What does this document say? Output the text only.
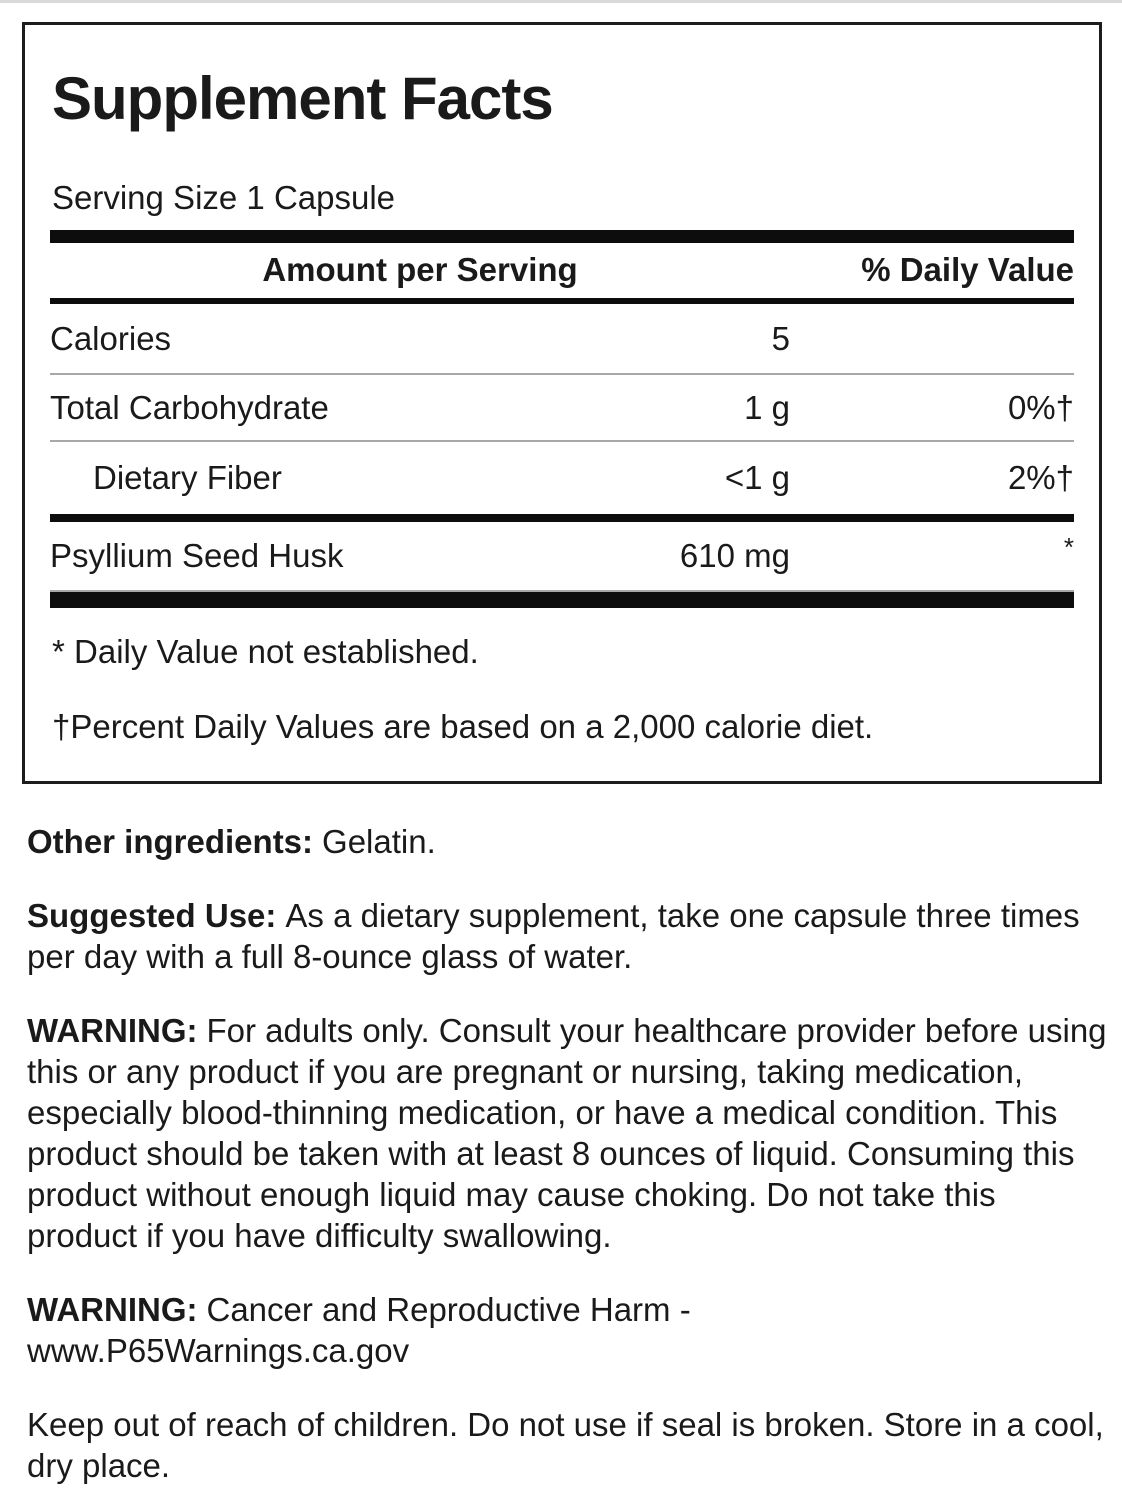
Supplement Facts
Serving Size 1 Capsule
Amount per Serving	% Daily Value
Calories	5
Total Carbohydrate	1 g	0%†
Dietary Fiber	<1 g	2%†
Psyllium Seed Husk	610 mg	*
* Daily Value not established.
†Percent Daily Values are based on a 2,000 calorie diet.

Other ingredients: Gelatin.

Suggested Use: As a dietary supplement, take one capsule three times per day with a full 8-ounce glass of water.

WARNING: For adults only. Consult your healthcare provider before using this or any product if you are pregnant or nursing, taking medication, especially blood-thinning medication, or have a medical condition. This product should be taken with at least 8 ounces of liquid. Consuming this product without enough liquid may cause choking. Do not take this product if you have difficulty swallowing.

WARNING: Cancer and Reproductive Harm -
www.P65Warnings.ca.gov

Keep out of reach of children. Do not use if seal is broken. Store in a cool, dry place.
